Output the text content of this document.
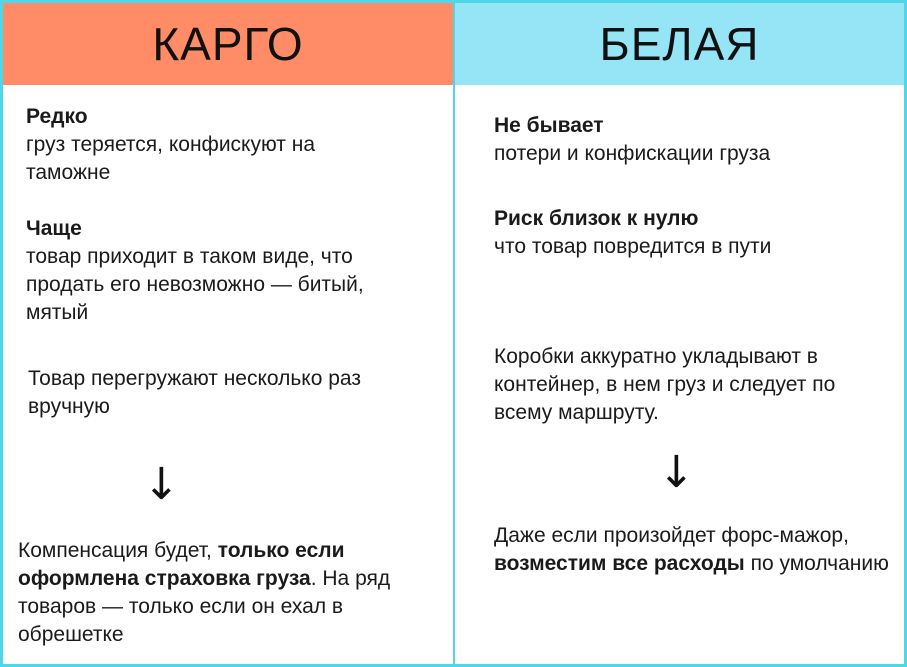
КАРГО	БЕЛАЯ
Редко
груз теряется, конфискуют на таможне
Чаще
товар приходит в таком виде, что продать его невозможно — битый, мятый
Товар перегружают несколько раз вручную
↓
Компенсация будет, только если оформлена страховка груза. На ряд товаров — только если он ехал в обрешетке
Не бывает
потери и конфискации груза
Риск близок к нулю
что товар повредится в пути
Коробки аккуратно укладывают в контейнер, в нем груз и следует по всему маршруту.
↓
Даже если произойдет форс-мажор, возместим все расходы по умолчанию
